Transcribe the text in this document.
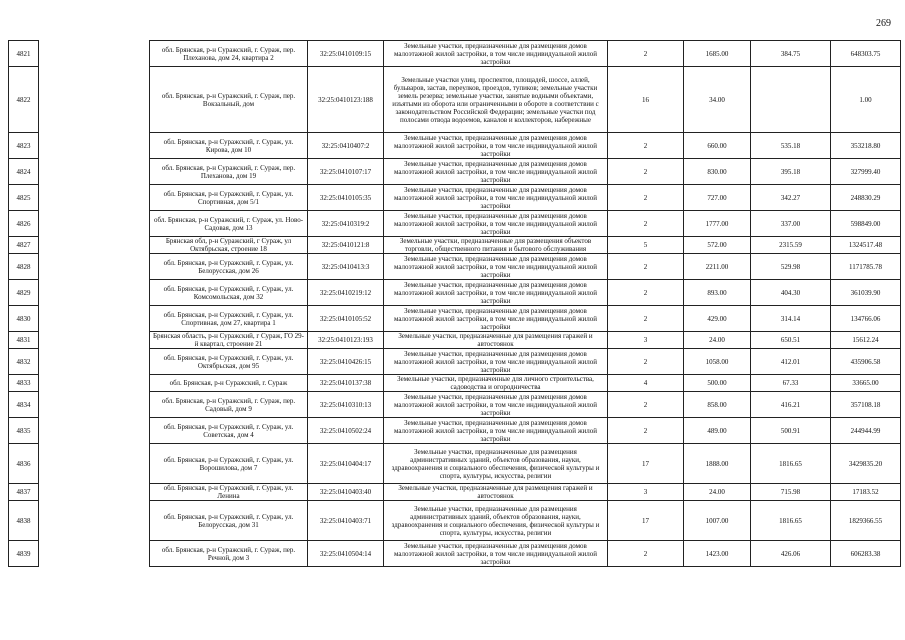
269
4821		обл. Брянская, р-н Суражский, г. Сураж, пер. Плеханова, дом 24, квартира 2	32:25:0410109:15	Земельные участки, предназначенные для размещения домов малоэтажной жилой застройки, в том числе индивидуальной жилой застройки	2	1685.00	384.75	648303.75
4822		обл. Брянская, р-н Суражский, г. Сураж, пер. Вокзальный, дом	32:25:0410123:188	Земельные участки улиц, проспектов, площадей, шоссе, аллей, бульваров, застав, переулков, проездов, тупиков; земельные участки земель резерва; земельные участки, занятые водными объектами, изъятыми из оборота или ограниченными в обороте в соответствии с законодательством Российской Федерации; земельные участки под полосами отвода водоемов, каналов и коллекторов, набережные	16	34.00		1.00
4823		обл. Брянская, р-н Суражский, г. Сураж, ул. Кирова, дом 10	32:25:0410407:2	Земельные участки, предназначенные для размещения домов малоэтажной жилой застройки, в том числе индивидуальной жилой застройки	2	660.00	535.18	353218.80
4824		обл. Брянская, р-н Суражский, г. Сураж, пер. Плеханова, дом 19	32:25:0410107:17	Земельные участки, предназначенные для размещения домов малоэтажной жилой застройки, в том числе индивидуальной жилой застройки	2	830.00	395.18	327999.40
4825		обл. Брянская, р-н Суражский, г. Сураж, ул. Спортивная, дом 5/1	32:25:0410105:35	Земельные участки, предназначенные для размещения домов малоэтажной жилой застройки, в том числе индивидуальной жилой застройки	2	727.00	342.27	248830.29
4826		обл. Брянская, р-н Суражский, г. Сураж, ул. Ново-Садовая, дом 13	32:25:0410319:2	Земельные участки, предназначенные для размещения домов малоэтажной жилой застройки, в том числе индивидуальной жилой застройки	2	1777.00	337.00	598849.00
4827		Брянская обл, р-н Суражский, г Сураж, ул Октябрьская, строение 18	32:25:0410121:8	Земельные участки, предназначенные для размещения объектов торговли, общественного питания и бытового обслуживания	5	572.00	2315.59	1324517.48
4828		обл. Брянская, р-н Суражский, г. Сураж, ул. Белорусская, дом 26	32:25:0410413:3	Земельные участки, предназначенные для размещения домов малоэтажной жилой застройки, в том числе индивидуальной жилой застройки	2	2211.00	529.98	1171785.78
4829		обл. Брянская, р-н Суражский, г. Сураж, ул. Комсомольская, дом 32	32:25:0410219:12	Земельные участки, предназначенные для размещения домов малоэтажной жилой застройки, в том числе индивидуальной жилой застройки	2	893.00	404.30	361039.90
4830		обл. Брянская, р-н Суражский, г. Сураж, ул. Спортивная, дом 27, квартира 1	32:25:0410105:52	Земельные участки, предназначенные для размещения домов малоэтажной жилой застройки, в том числе индивидуальной жилой застройки	2	429.00	314.14	134766.06
4831		Брянская область, р-н Суражский, г Сураж, ГО 29-й квартал, строение 21	32:25:0410123:193	Земельные участки, предназначенные для размещения гаражей и автостоянок	3	24.00	650.51	15612.24
4832		обл. Брянская, р-н Суражский, г. Сураж, ул. Октябрьская, дом 95	32:25:0410426:15	Земельные участки, предназначенные для размещения домов малоэтажной жилой застройки, в том числе индивидуальной жилой застройки	2	1058.00	412.01	435906.58
4833		обл. Брянская, р-н Суражский, г. Сураж	32:25:0410137:38	Земельные участки, предназначенные для личного строительства, садоводства и огородничества	4	500.00	67.33	33665.00
4834		обл. Брянская, р-н Суражский, г. Сураж, пер. Садовый, дом 9	32:25:0410310:13	Земельные участки, предназначенные для размещения домов малоэтажной жилой застройки, в том числе индивидуальной жилой застройки	2	858.00	416.21	357108.18
4835		обл. Брянская, р-н Суражский, г. Сураж, ул. Советская, дом 4	32:25:0410502:24	Земельные участки, предназначенные для размещения домов малоэтажной жилой застройки, в том числе индивидуальной жилой застройки	2	489.00	500.91	244944.99
4836		обл. Брянская, р-н Суражский, г. Сураж, ул. Ворошилова, дом 7	32:25:0410404:17	Земельные участки, предназначенные для размещения административных зданий, объектов образования, науки, здравоохранения и социального обеспечения, физической культуры и спорта, культуры, искусства, религии	17	1888.00	1816.65	3429835.20
4837		обл. Брянская, р-н Суражский, г. Сураж, ул. Ленина	32:25:0410403:40	Земельные участки, предназначенные для размещения гаражей и автостоянок	3	24.00	715.98	17183.52
4838		обл. Брянская, р-н Суражский, г. Сураж, ул. Белорусская, дом 31	32:25:0410403:71	Земельные участки, предназначенные для размещения административных зданий, объектов образования, науки, здравоохранения и социального обеспечения, физической культуры и спорта, культуры, искусства, религии	17	1007.00	1816.65	1829366.55
4839		обл. Брянская, р-н Суражский, г. Сураж, пер. Речной, дом 3	32:25:0410504:14	Земельные участки, предназначенные для размещения домов малоэтажной жилой застройки, в том числе индивидуальной жилой застройки	2	1423.00	426.06	606283.38
